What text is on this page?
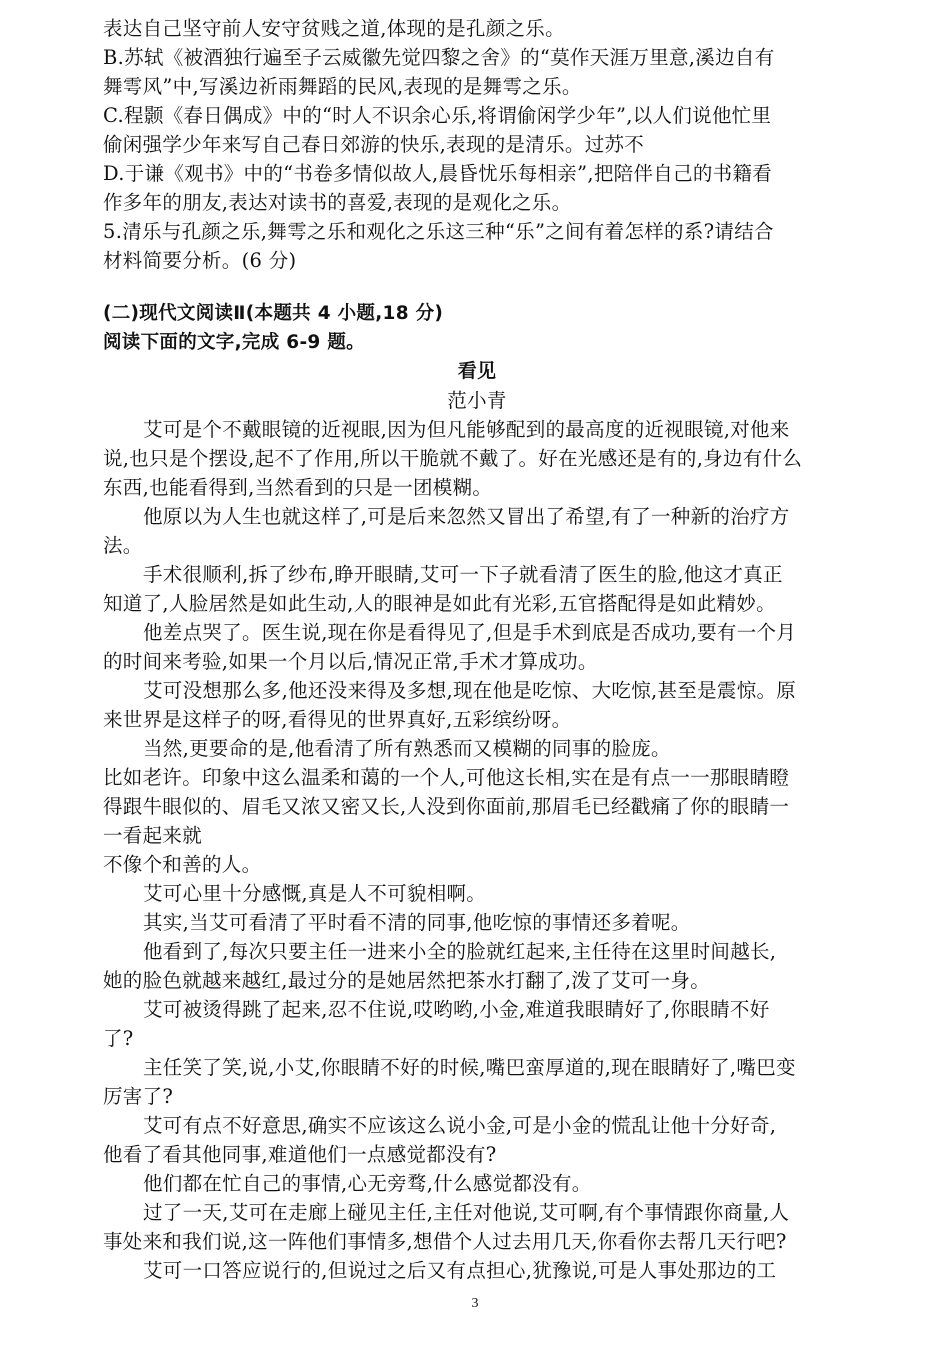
表达自己坚守前人安守贫贱之道,体现的是孔颜之乐。

B.苏轼《被酒独行遍至子云威徽先觉四黎之舍》的“莫作天涯万里意,溪边自有

舞雩风”中,写溪边祈雨舞蹈的民风,表现的是舞雩之乐。

C.程颢《春日偶成》中的“时人不识余心乐,将谓偷闲学少年”,以人们说他忙里

偷闲强学少年来写自己春日郊游的快乐,表现的是清乐。过苏不

D.于谦《观书》中的“书卷多情似故人,晨昏忧乐每相亲”,把陪伴自己的书籍看

作多年的朋友,表达对读书的喜爱,表现的是观化之乐。

5.清乐与孔颜之乐,舞雩之乐和观化之乐这三种“乐”之间有着怎样的系?请结合

材料简要分析。(6 分)

(二)现代文阅读Ⅱ(本题共 4 小题,18 分)

阅读下面的文字,完成 6-9 题。

看见

范小青

艾可是个不戴眼镜的近视眼,因为但凡能够配到的最高度的近视眼镜,对他来

说,也只是个摆设,起不了作用,所以干脆就不戴了。好在光感还是有的,身边有什么

东西,也能看得到,当然看到的只是一团模糊。

他原以为人生也就这样了,可是后来忽然又冒出了希望,有了一种新的治疗方

法。

手术很顺利,拆了纱布,睁开眼睛,艾可一下子就看清了医生的脸,他这才真正

知道了,人脸居然是如此生动,人的眼神是如此有光彩,五官搭配得是如此精妙。

他差点哭了。医生说,现在你是看得见了,但是手术到底是否成功,要有一个月

的时间来考验,如果一个月以后,情况正常,手术才算成功。

艾可没想那么多,他还没来得及多想,现在他是吃惊、大吃惊,甚至是震惊。原

来世界是这样子的呀,看得见的世界真好,五彩缤纷呀。

当然,更要命的是,他看清了所有熟悉而又模糊的同事的脸庞。

比如老许。印象中这么温柔和蔼的一个人,可他这长相,实在是有点一一那眼睛瞪

得跟牛眼似的、眉毛又浓又密又长,人没到你面前,那眉毛已经戳痛了你的眼睛一

一看起来就

不像个和善的人。

艾可心里十分感慨,真是人不可貌相啊。

其实,当艾可看清了平时看不清的同事,他吃惊的事情还多着呢。

他看到了,每次只要主任一进来小全的脸就红起来,主任待在这里时间越长,

她的脸色就越来越红,最过分的是她居然把茶水打翻了,泼了艾可一身。

艾可被烫得跳了起来,忍不住说,哎哟哟,小金,难道我眼睛好了,你眼睛不好

了?

主任笑了笑,说,小艾,你眼睛不好的时候,嘴巴蛮厚道的,现在眼睛好了,嘴巴变

厉害了?

艾可有点不好意思,确实不应该这么说小金,可是小金的慌乱让他十分好奇,

他看了看其他同事,难道他们一点感觉都没有?

他们都在忙自己的事情,心无旁骛,什么感觉都没有。

过了一天,艾可在走廊上碰见主任,主任对他说,艾可啊,有个事情跟你商量,人

事处来和我们说,这一阵他们事情多,想借个人过去用几天,你看你去帮几天行吧?

艾可一口答应说行的,但说过之后又有点担心,犹豫说,可是人事处那边的工

3
